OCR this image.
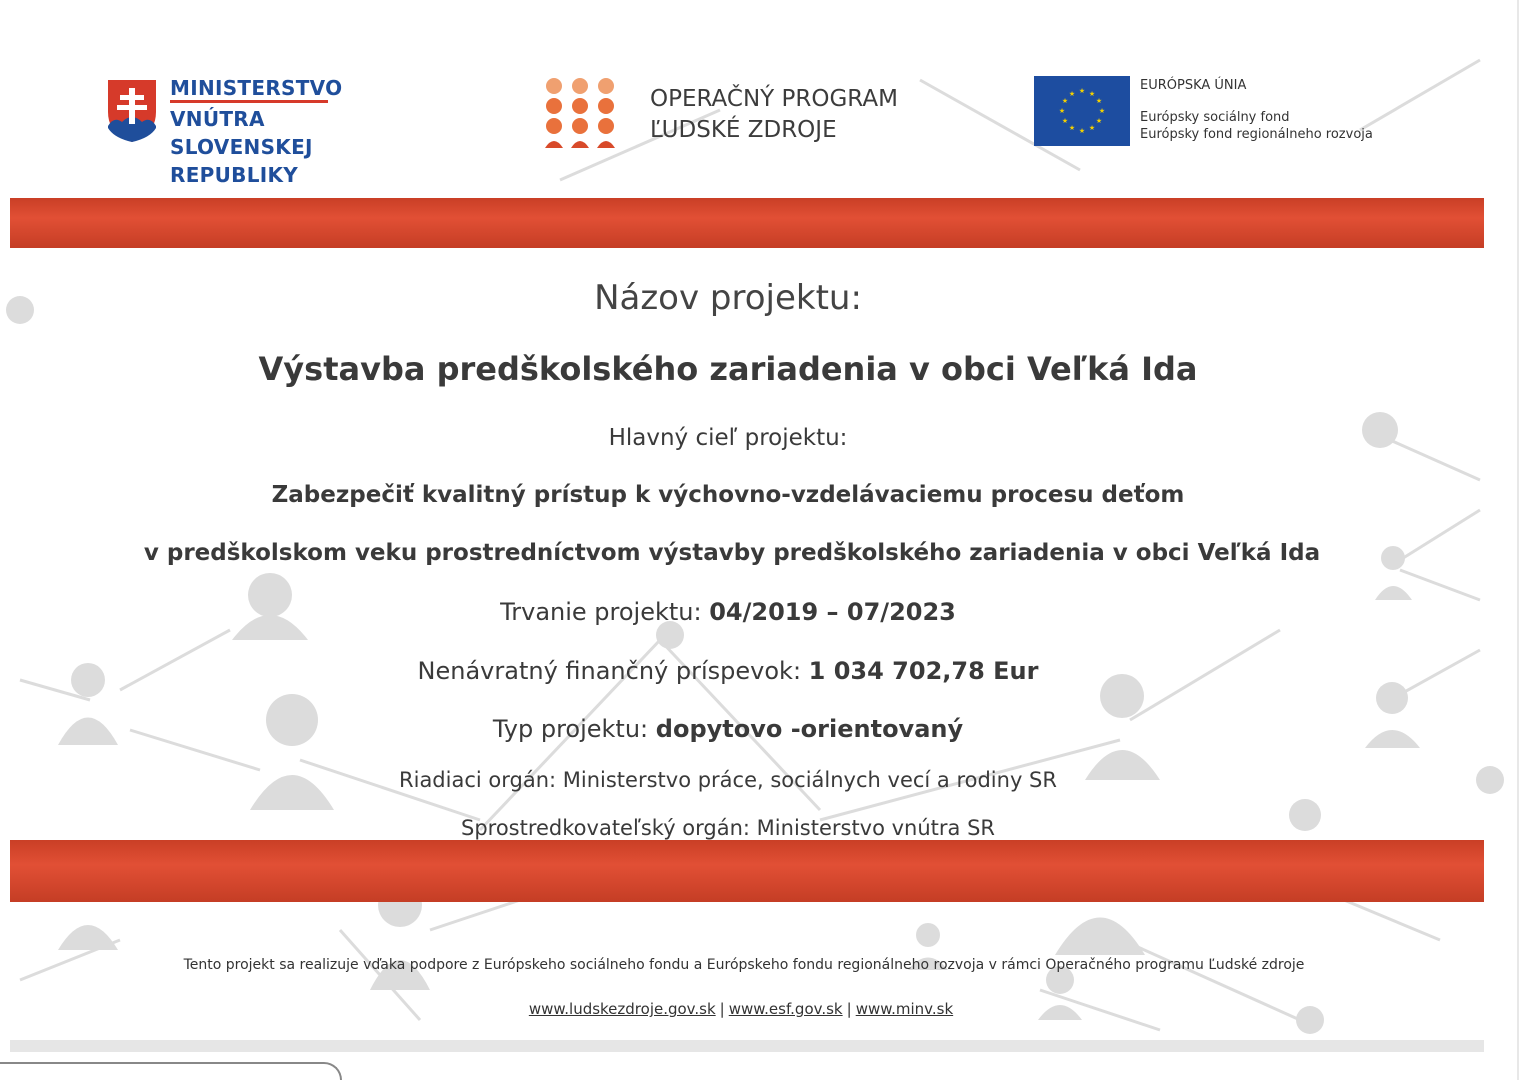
MINISTERSTVO
VNÚTRA
SLOVENSKEJ REPUBLIKY
OPERAČNÝ PROGRAM
ĽUDSKÉ ZDROJE
★ ★
★
★
★
★
★
★
★
★
★
★
EURÓPSKA ÚNIA
Európsky sociálny fond
Európsky fond regionálneho rozvoja
Názov projektu:
Výstavba predškolského zariadenia v obci Veľká Ida
Hlavný cieľ projektu:
Zabezpečiť kvalitný prístup k výchovno-vzdelávaciemu procesu deťom
v predškolskom veku prostredníctvom výstavby predškolského zariadenia v obci Veľká Ida
Trvanie projektu: 04/2019 – 07/2023
Nenávratný finančný príspevok: 1 034 702,78 Eur
Typ projektu: dopytovo -orientovaný
Riadiaci orgán: Ministerstvo práce, sociálnych vecí a rodiny SR
Sprostredkovateľský orgán: Ministerstvo vnútra SR
Tento projekt sa realizuje vďaka podpore z Európskeho sociálneho fondu a Európskeho fondu regionálneho rozvoja v rámci Operačného programu Ľudské zdroje
www.ludskezdroje.gov.sk | www.esf.gov.sk | www.minv.sk
